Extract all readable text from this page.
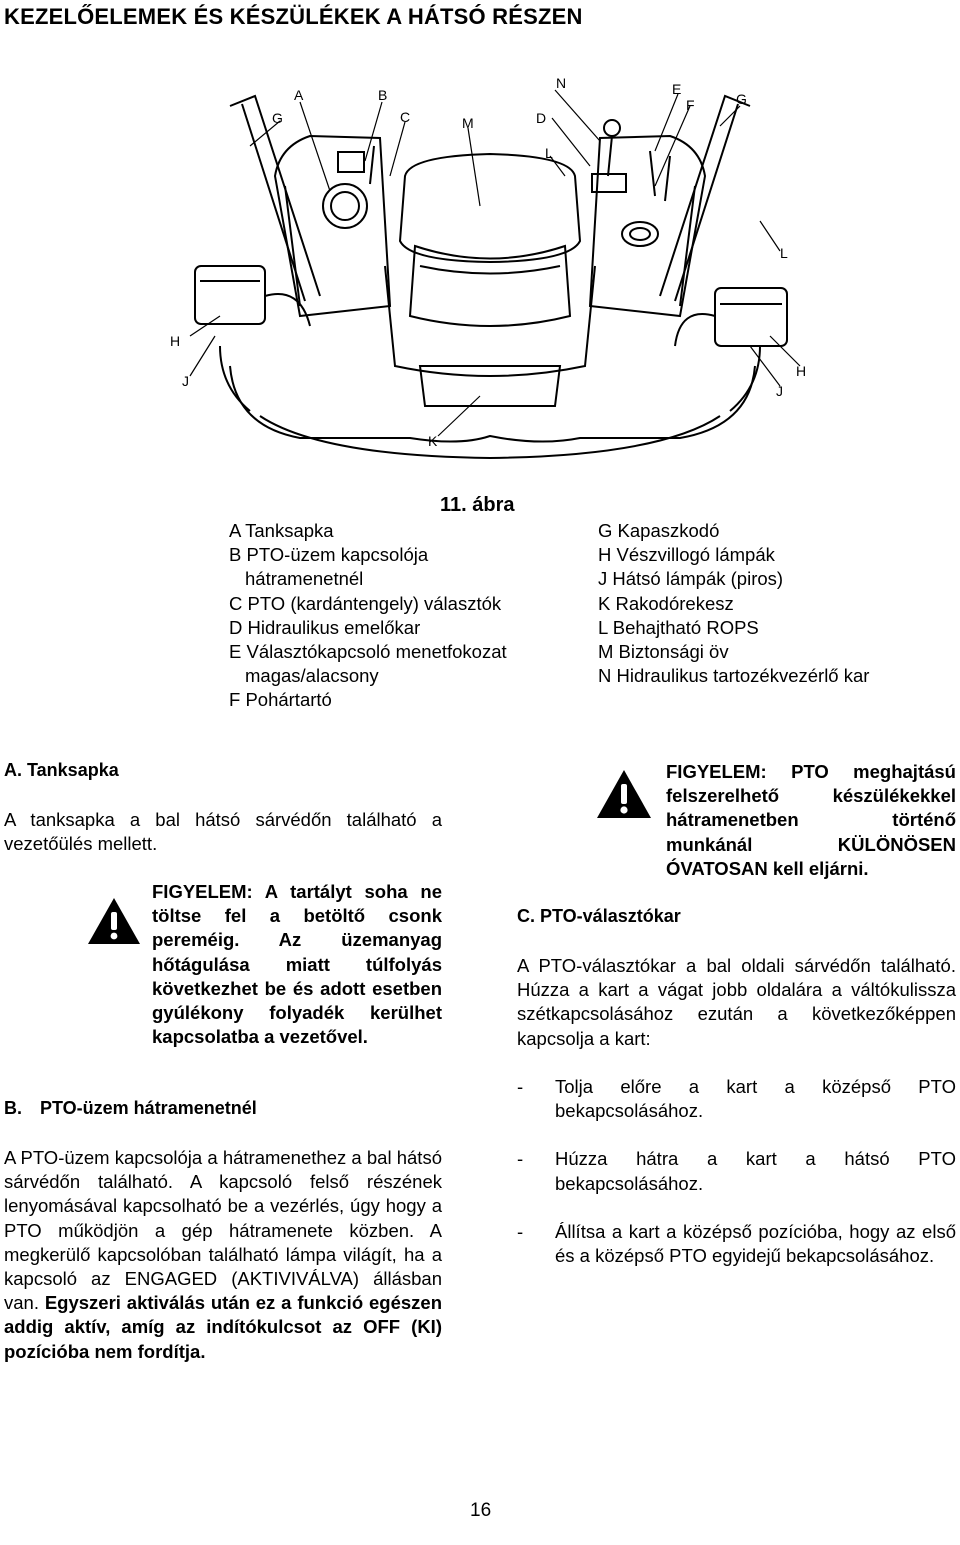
KEZELŐELEMEK ÉS KÉSZÜLÉKEK A HÁTSÓ RÉSZEN
A	B
C
G	M
N
D
L
E
F	G
L
H
J
H
J
K
11. ábra
A Tanksapka
B PTO-üzem kapcsolója
hátramenetnél
C PTO (kardántengely) választók
D Hidraulikus emelőkar
E Választókapcsoló menetfokozat
magas/alacsony
F Pohártartó
G Kapaszkodó
H Vészvillogó lámpák
J Hátsó lámpák (piros)
K Rakodórekesz
L Behajtható ROPS
M Biztonsági öv
N Hidraulikus tartozékvezérlő kar
A. Tanksapka
A tanksapka a bal hátsó sárvédőn található a vezetőülés mellett.
FIGYELEM: A tartályt soha ne töltse fel a betöltő csonk pereméig. Az üzemanyag hőtágulása miatt túlfolyás következhet be és adott esetben gyúlékony folyadék kerülhet kapcsolatba a vezetővel.
B. PTO-üzem hátramenetnél
A PTO-üzem kapcsolója a hátramenethez a bal hátsó sárvédőn található. A kapcsoló felső részének lenyomásával kapcsolható be a vezérlés, úgy hogy a PTO működjön a gép hátramenete közben. A megkerülő kapcsolóban található lámpa világít, ha a kapcsoló az ENGAGED (AKTIVIVÁLVA) állásban van. Egyszeri aktiválás után ez a funkció egészen addig aktív, amíg az indítókulcsot az OFF (KI) pozícióba nem fordítja.
FIGYELEM: PTO meghajtású felszerelhető készülékekkel hátramenetben történő munkánál KÜLÖNÖSEN ÓVATOSAN kell eljárni.
C. PTO-választókar
A PTO-választókar a bal oldali sárvédőn található. Húzza a kart a vágat jobb oldalára a váltókulissza szétkapcsolásához ezután a következőképpen kapcsolja a kart:
-	Tolja előre a kart a középső PTO bekapcsolásához.
-	Húzza hátra a kart a hátsó PTO bekapcsolásához.
-	Állítsa a kart a középső pozícióba, hogy az első és a középső PTO egyidejű bekapcsolásához.
16
